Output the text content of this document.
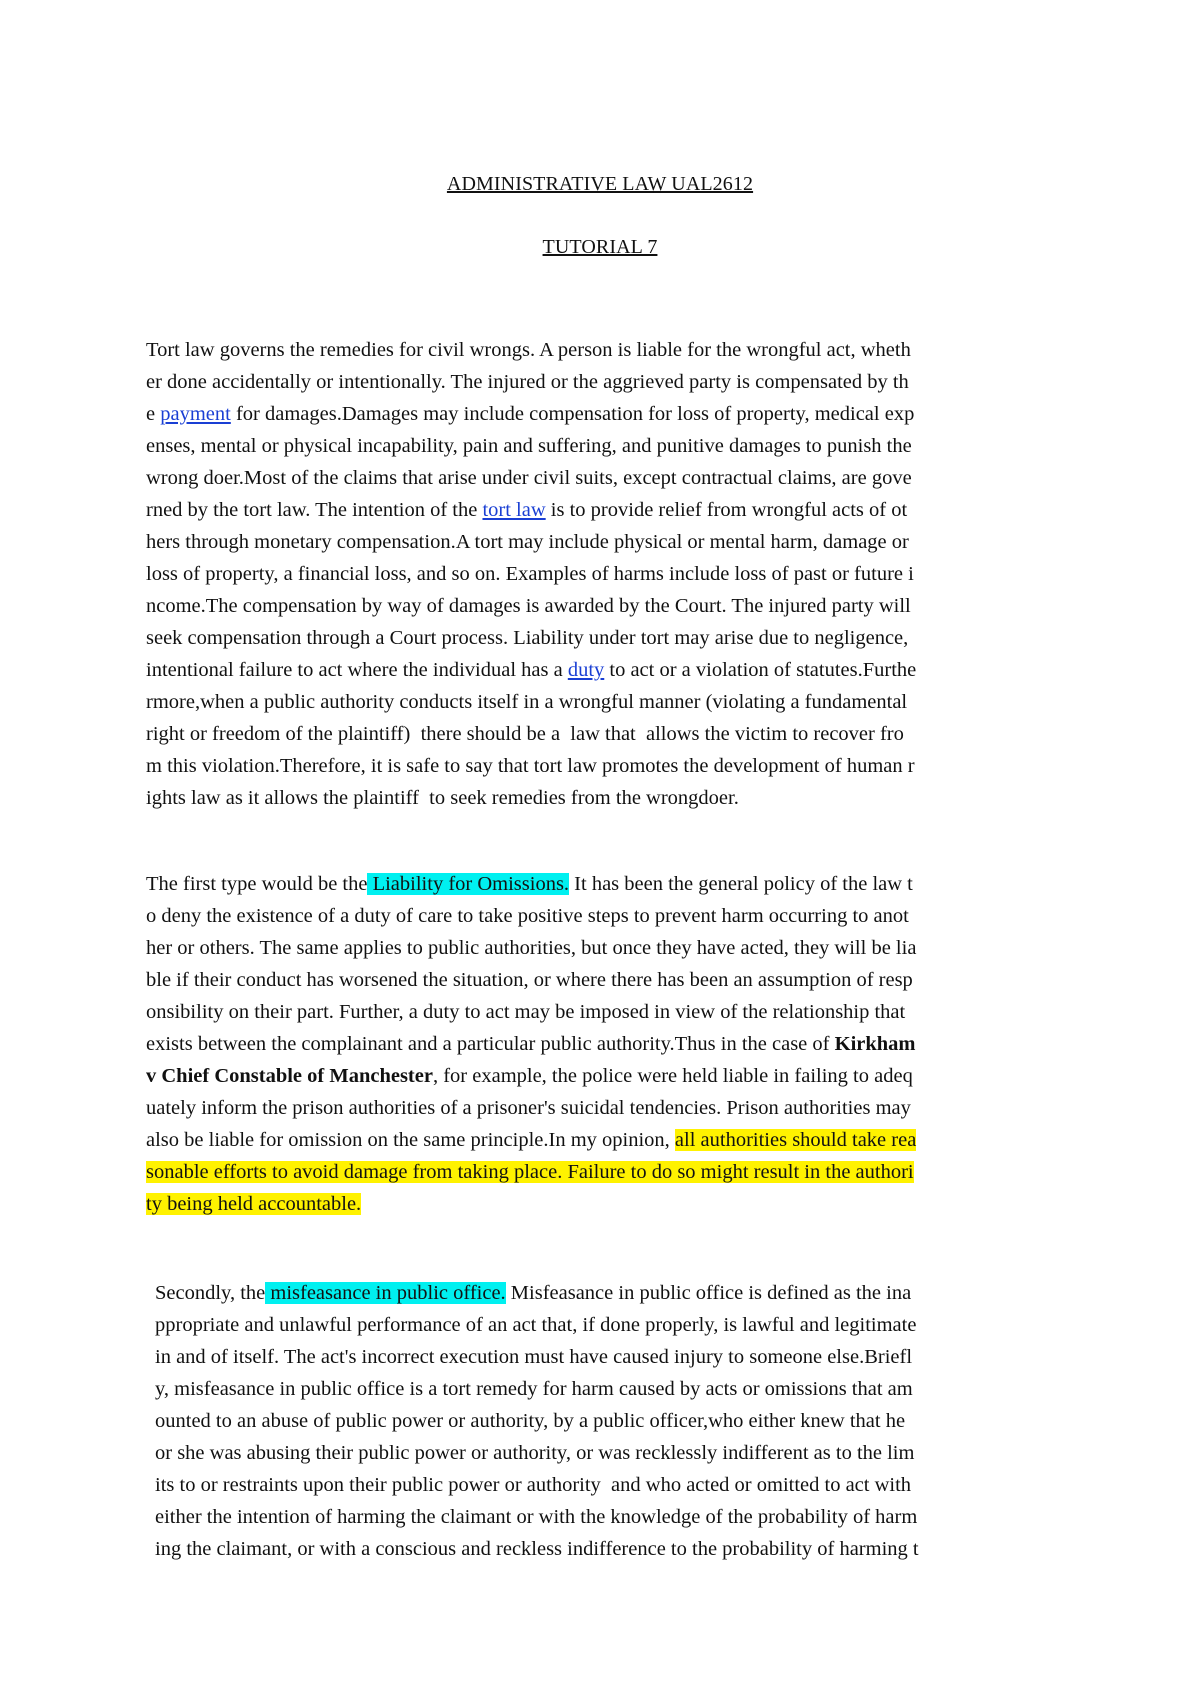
ADMINISTRATIVE LAW UAL2612
TUTORIAL 7
Tort law governs the remedies for civil wrongs. A person is liable for the wrongful act, wheth
er done accidentally or intentionally. The injured or the aggrieved party is compensated by th
e payment for damages.Damages may include compensation for loss of property, medical exp
enses, mental or physical incapability, pain and suffering, and punitive damages to punish the
wrong doer.Most of the claims that arise under civil suits, except contractual claims, are gove
rned by the tort law. The intention of the tort law is to provide relief from wrongful acts of ot
hers through monetary compensation.A tort may include physical or mental harm, damage or
loss of property, a financial loss, and so on. Examples of harms include loss of past or future i
ncome.The compensation by way of damages is awarded by the Court. The injured party will
seek compensation through a Court process. Liability under tort may arise due to negligence,
intentional failure to act where the individual has a duty to act or a violation of statutes.Furthe
rmore,when a public authority conducts itself in a wrongful manner (violating a fundamental
right or freedom of the plaintiff)  there should be a  law that  allows the victim to recover fro
m this violation.Therefore, it is safe to say that tort law promotes the development of human r
ights law as it allows the plaintiff  to seek remedies from the wrongdoer.
The first type would be the Liability for Omissions. It has been the general policy of the law t
o deny the existence of a duty of care to take positive steps to prevent harm occurring to anot
her or others. The same applies to public authorities, but once they have acted, they will be lia
ble if their conduct has worsened the situation, or where there has been an assumption of resp
onsibility on their part. Further, a duty to act may be imposed in view of the relationship that
exists between the complainant and a particular public authority.Thus in the case of Kirkham
v Chief Constable of Manchester, for example, the police were held liable in failing to adeq
uately inform the prison authorities of a prisoner's suicidal tendencies. Prison authorities may
also be liable for omission on the same principle.In my opinion, all authorities should take rea
sonable efforts to avoid damage from taking place. Failure to do so might result in the authori
ty being held accountable.
Secondly, the misfeasance in public office. Misfeasance in public office is defined as the ina
ppropriate and unlawful performance of an act that, if done properly, is lawful and legitimate
in and of itself. The act's incorrect execution must have caused injury to someone else.Briefl
y, misfeasance in public office is a tort remedy for harm caused by acts or omissions that am
ounted to an abuse of public power or authority, by a public officer,who either knew that he
or she was abusing their public power or authority, or was recklessly indifferent as to the lim
its to or restraints upon their public power or authority  and who acted or omitted to act with
either the intention of harming the claimant or with the knowledge of the probability of harm
ing the claimant, or with a conscious and reckless indifference to the probability of harming t
